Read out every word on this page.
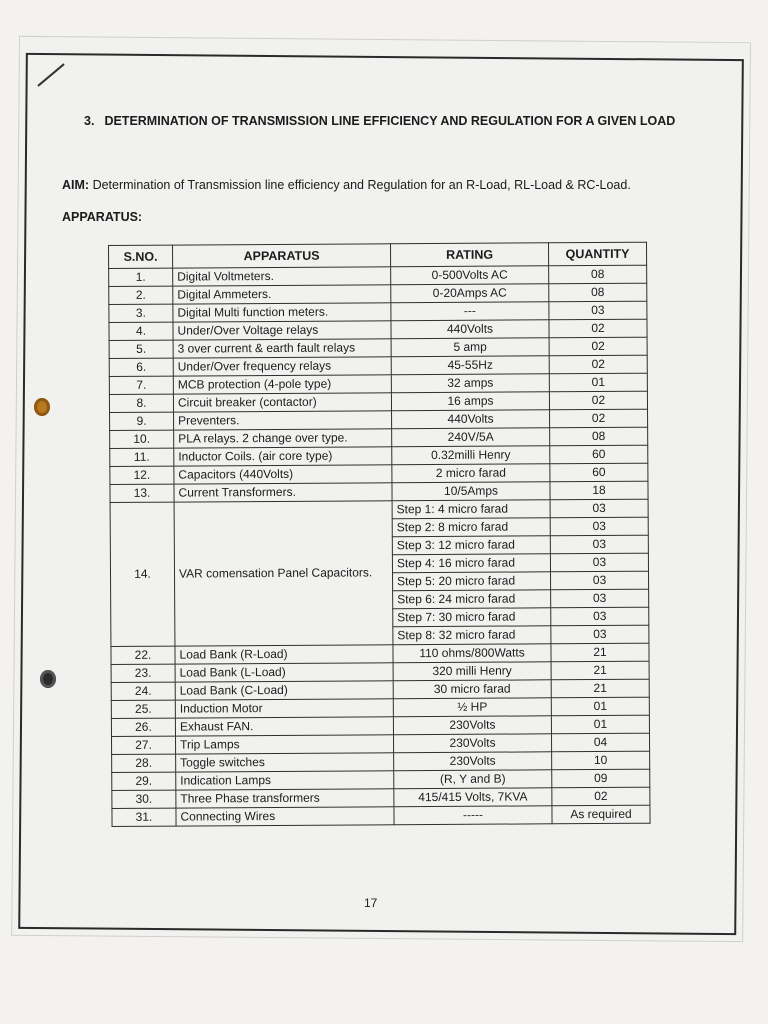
3. DETERMINATION OF TRANSMISSION LINE EFFICIENCY AND REGULATION FOR A GIVEN LOAD
AIM: Determination of Transmission line efficiency and Regulation for an R-Load, RL-Load & RC-Load.
APPARATUS:
S.NO.	APPARATUS	RATING	QUANTITY
1.	Digital Voltmeters.	0-500Volts AC	08
2.	Digital Ammeters.	0-20Amps AC	08
3.	Digital Multi function meters.	---	03
4.	Under/Over Voltage relays	440Volts	02
5.	3 over current & earth fault relays	5 amp	02
6.	Under/Over frequency relays	45-55Hz	02
7.	MCB protection (4-pole type)	32 amps	01
8.	Circuit breaker (contactor)	16 amps	02
9.	Preventers.	440Volts	02
10.	PLA relays. 2 change over type.	240V/5A	08
11.	Inductor Coils. (air core type)	0.32milli Henry	60
12.	Capacitors (440Volts)	2 micro farad	60
13.	Current Transformers.	10/5Amps	18
14.	VAR comensation Panel Capacitors.	Step 1: 4 micro farad	03
		Step 2: 8 micro farad	03
		Step 3: 12 micro farad	03
		Step 4: 16 micro farad	03
		Step 5: 20 micro farad	03
		Step 6: 24 micro farad	03
		Step 7: 30 micro farad	03
		Step 8: 32 micro farad	03
22.	Load Bank (R-Load)	110 ohms/800Watts	21
23.	Load Bank (L-Load)	320 milli Henry	21
24.	Load Bank (C-Load)	30 micro farad	21
25.	Induction Motor	½ HP	01
26.	Exhaust FAN.	230Volts	01
27.	Trip Lamps	230Volts	04
28.	Toggle switches	230Volts	10
29.	Indication Lamps	(R, Y and B)	09
30.	Three Phase transformers	415/415 Volts, 7KVA	02
31.	Connecting Wires	-----	As required
17
